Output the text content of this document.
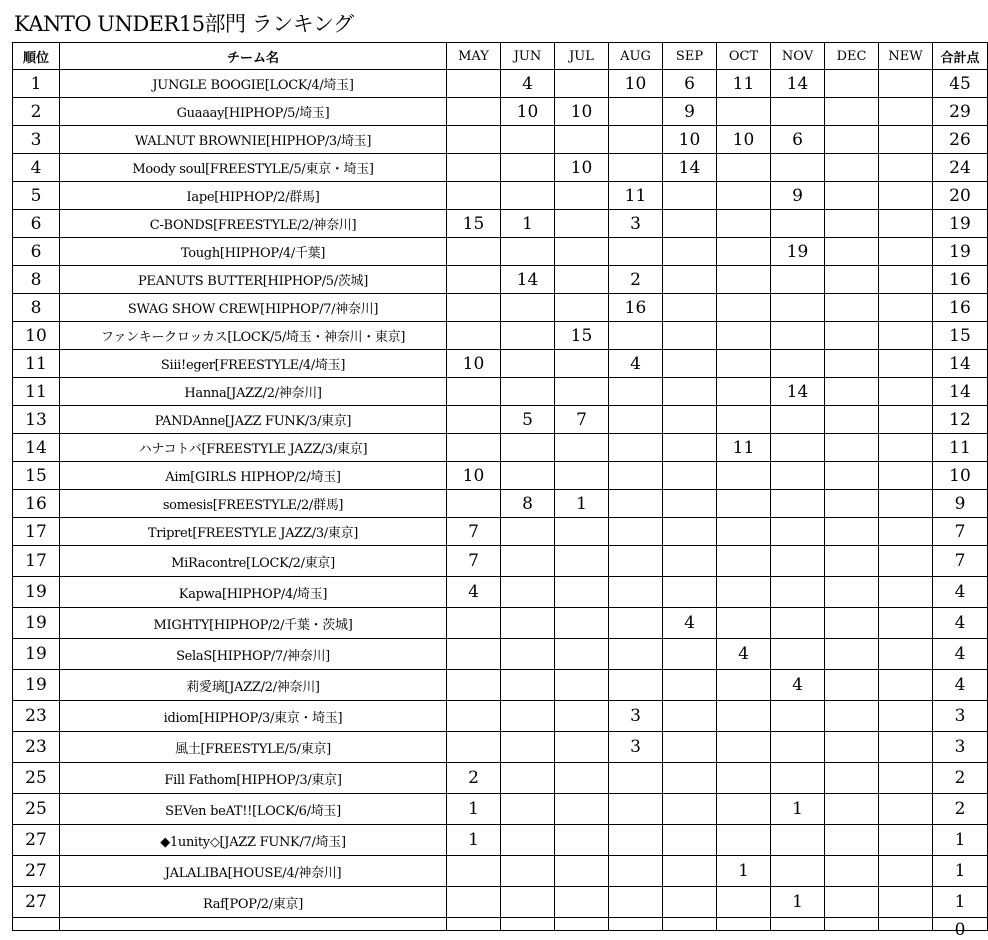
KANTO UNDER15部門 ランキング
順位	チーム名	MAY	JUN	JUL	AUG	SEP	OCT	NOV	DEC	NEW	合計点
1	JUNGLE BOOGIE[LOCK/4/埼玉]		4		10	6	11	14			45
2	Guaaay[HIPHOP/5/埼玉]		10	10		9					29
3	WALNUT BROWNIE[HIPHOP/3/埼玉]					10	10	6			26
4	Moody soul[FREESTYLE/5/東京・埼玉]			10		14					24
5	Iape[HIPHOP/2/群馬]				11			9			20
6	C-BONDS[FREESTYLE/2/神奈川]	15	1		3						19
6	Tough[HIPHOP/4/千葉]							19			19
8	PEANUTS BUTTER[HIPHOP/5/茨城]		14		2						16
8	SWAG SHOW CREW[HIPHOP/7/神奈川]				16						16
10	ファンキークロッカス[LOCK/5/埼玉・神奈川・東京]			15							15
11	Siii!eger[FREESTYLE/4/埼玉]	10			4						14
11	Hanna[JAZZ/2/神奈川]							14			14
13	PANDAnne[JAZZ FUNK/3/東京]		5	7							12
14	ハナコトバ[FREESTYLE JAZZ/3/東京]						11				11
15	Aim[GIRLS HIPHOP/2/埼玉]	10									10
16	somesis[FREESTYLE/2/群馬]		8	1							9
17	Tripret[FREESTYLE JAZZ/3/東京]	7									7
17	MiRacontre[LOCK/2/東京]	7									7
19	Kapwa[HIPHOP/4/埼玉]	4									4
19	MIGHTY[HIPHOP/2/千葉・茨城]					4					4
19	SelaS[HIPHOP/7/神奈川]						4				4
19	莉愛璃[JAZZ/2/神奈川]							4			4
23	idiom[HIPHOP/3/東京・埼玉]				3						3
23	風土[FREESTYLE/5/東京]				3						3
25	Fill Fathom[HIPHOP/3/東京]	2									2
25	SEVen beAT!![LOCK/6/埼玉]	1						1			2
27	◆1unity◇[JAZZ FUNK/7/埼玉]	1									1
27	JALALIBA[HOUSE/4/神奈川]						1				1
27	Raf[POP/2/東京]							1			1

											0
